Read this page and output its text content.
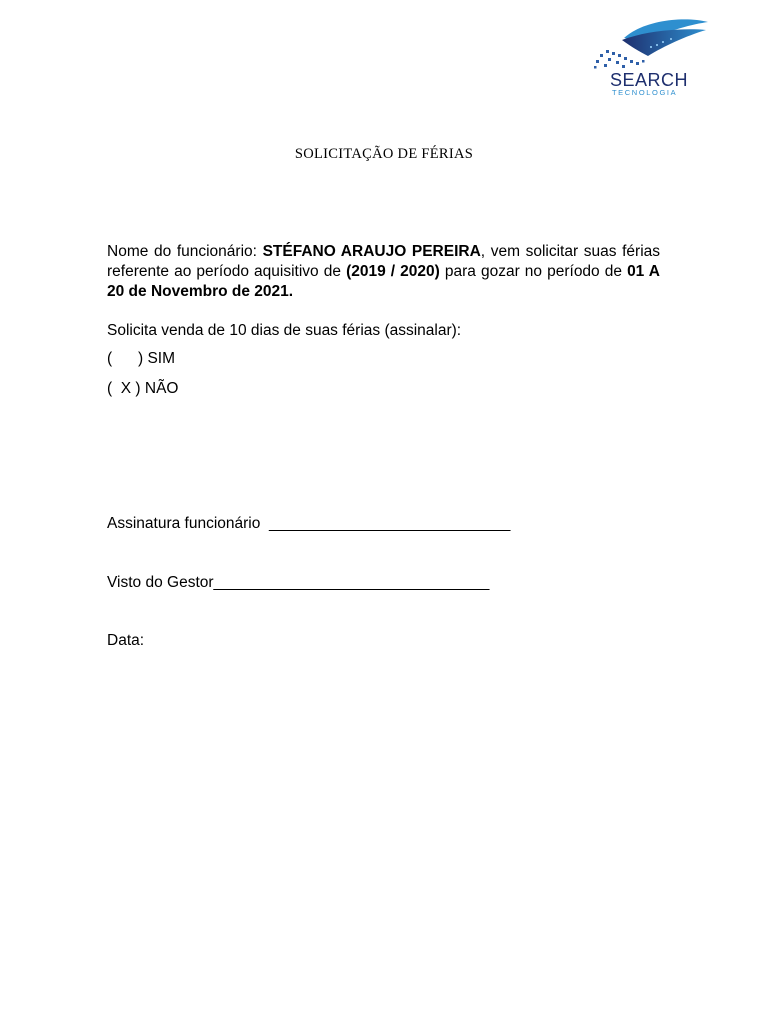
SEARCH
TECNOLOGIA
SOLICITAÇÃO DE FÉRIAS
Nome do funcionário: STÉFANO ARAUJO PEREIRA, vem solicitar suas férias referente ao período aquisitivo de (2019 / 2020) para gozar no período de 01 A 20 de Novembro de 2021.
Solicita venda de 10 dias de suas férias (assinalar):
(      ) SIM
(  X ) NÃO
Assinatura funcionário  ____________________________
Visto do Gestor________________________________
Data:
